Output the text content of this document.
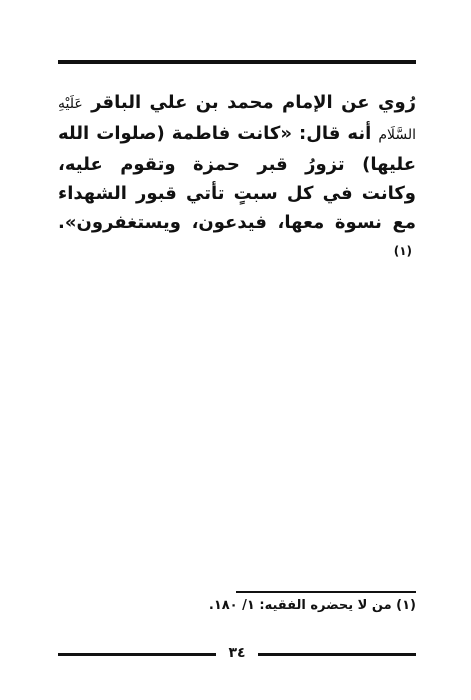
رُوي عن الإمام محمد بن علي الباقر عَلَيْهِ السَّلَام أنه قال: «كانت فاطمة (صلوات الله عليها) تزورُ قبر حمزة وتقوم عليه، وكانت في كل سبتٍ تأتي قبور الشهداء مع نسوة معها، فيدعون، ويستغفرون».$^{(١)}$
(١) من لا يحضره الفقيه: ١/ ١٨٠.
٣٤
